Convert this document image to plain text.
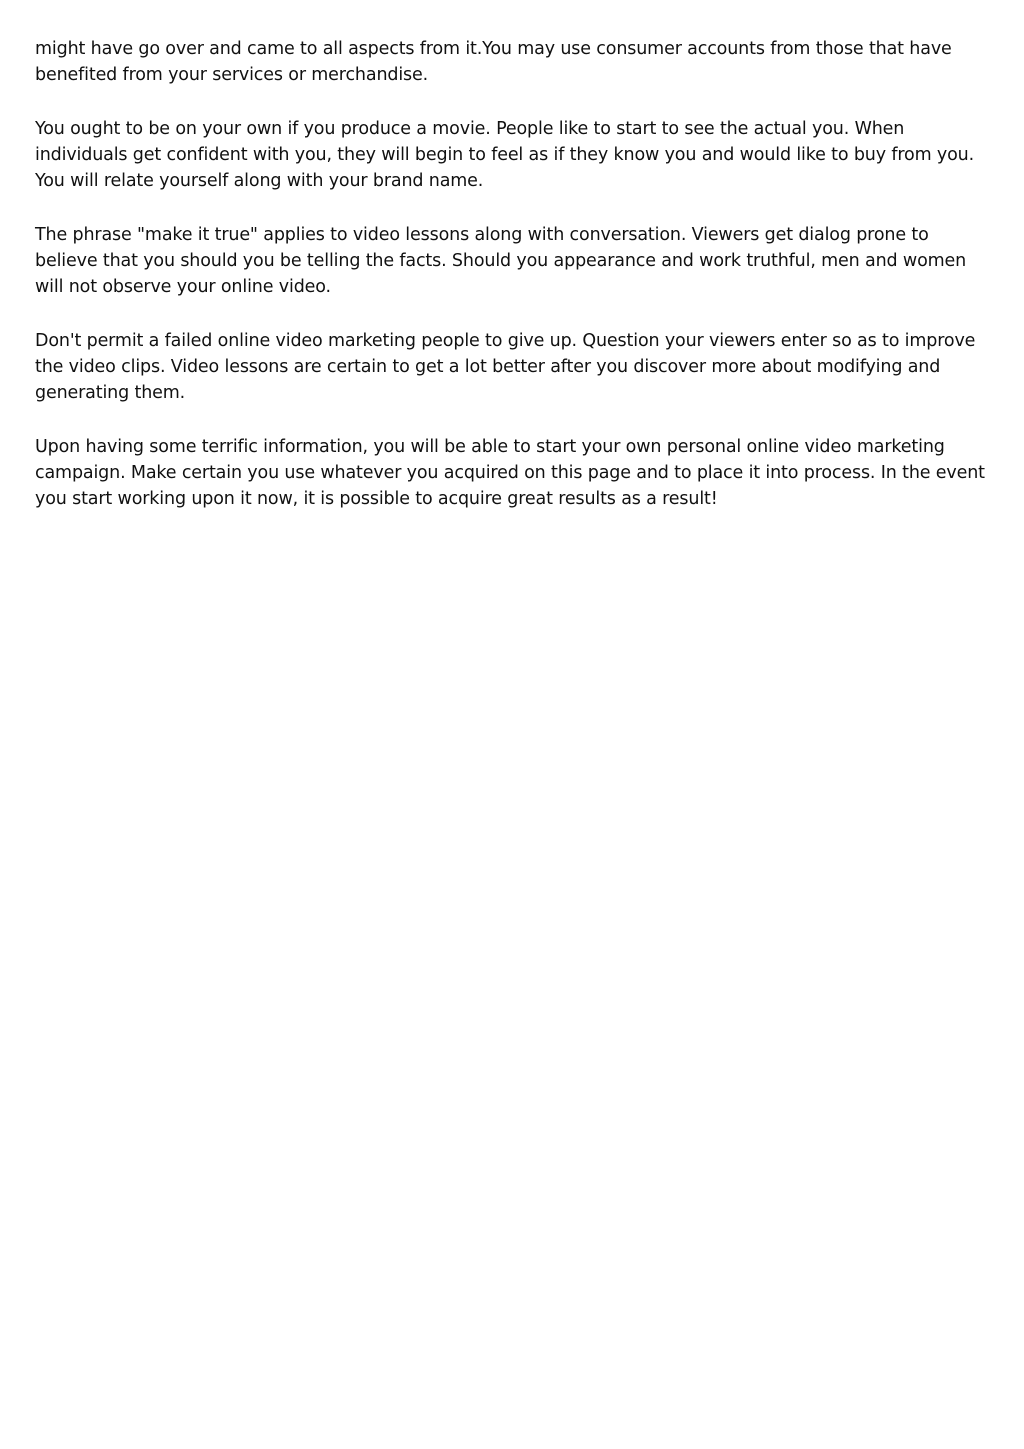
might have go over and came to all aspects from it.You may use consumer accounts from those that have benefited from your services or merchandise.

You ought to be on your own if you produce a movie. People like to start to see the actual you. When individuals get confident with you, they will begin to feel as if they know you and would like to buy from you. You will relate yourself along with your brand name.

The phrase "make it true" applies to video lessons along with conversation. Viewers get dialog prone to believe that you should you be telling the facts. Should you appearance and work truthful, men and women will not observe your online video.

Don't permit a failed online video marketing people to give up. Question your viewers enter so as to improve the video clips. Video lessons are certain to get a lot better after you discover more about modifying and generating them.

Upon having some terrific information, you will be able to start your own personal online video marketing campaign. Make certain you use whatever you acquired on this page and to place it into process. In the event you start working upon it now, it is possible to acquire great results as a result!
